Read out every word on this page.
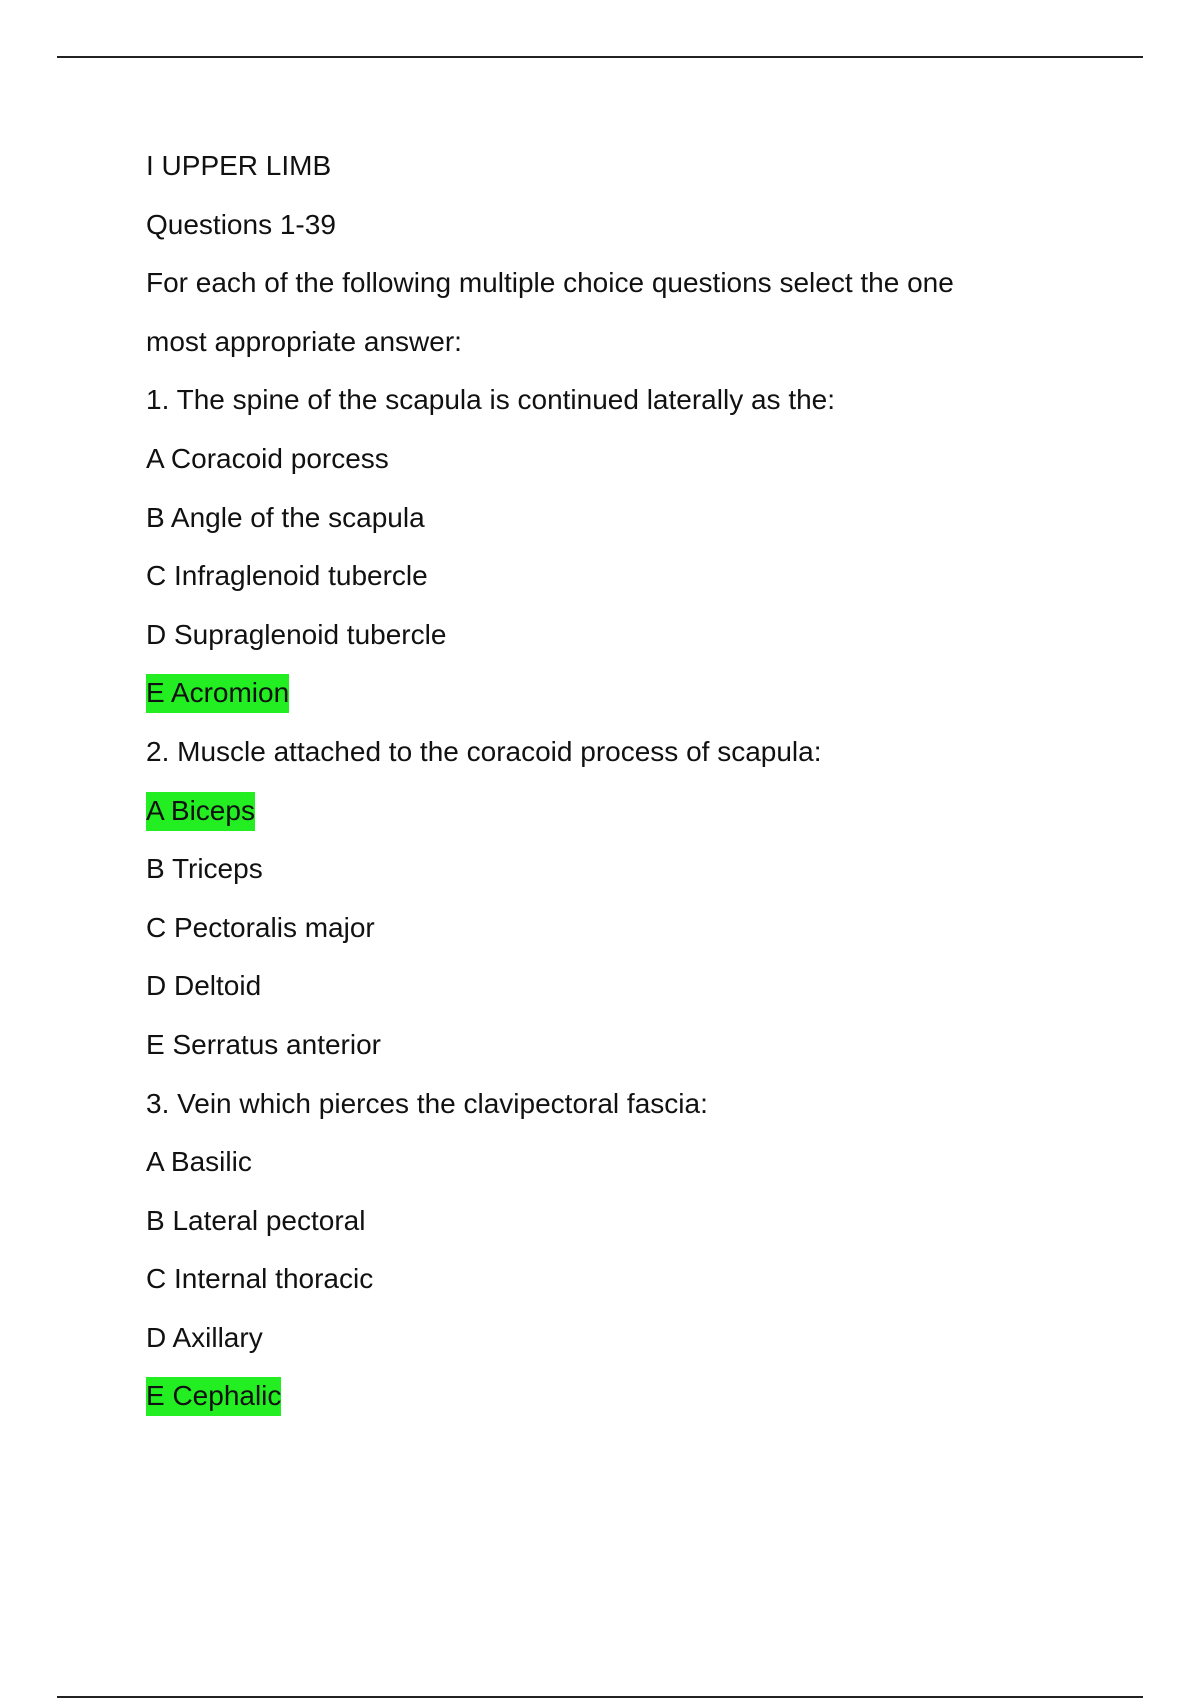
I UPPER LIMB
Questions 1-39
For each of the following multiple choice questions select the one
most appropriate answer:
1. The spine of the scapula is continued laterally as the:
A Coracoid porcess
B Angle of the scapula
C Infraglenoid tubercle
D Supraglenoid tubercle
E Acromion
2. Muscle attached to the coracoid process of scapula:
A Biceps
B Triceps
C Pectoralis major
D Deltoid
E Serratus anterior
3. Vein which pierces the clavipectoral fascia:
A Basilic
B Lateral pectoral
C Internal thoracic
D Axillary
E Cephalic
